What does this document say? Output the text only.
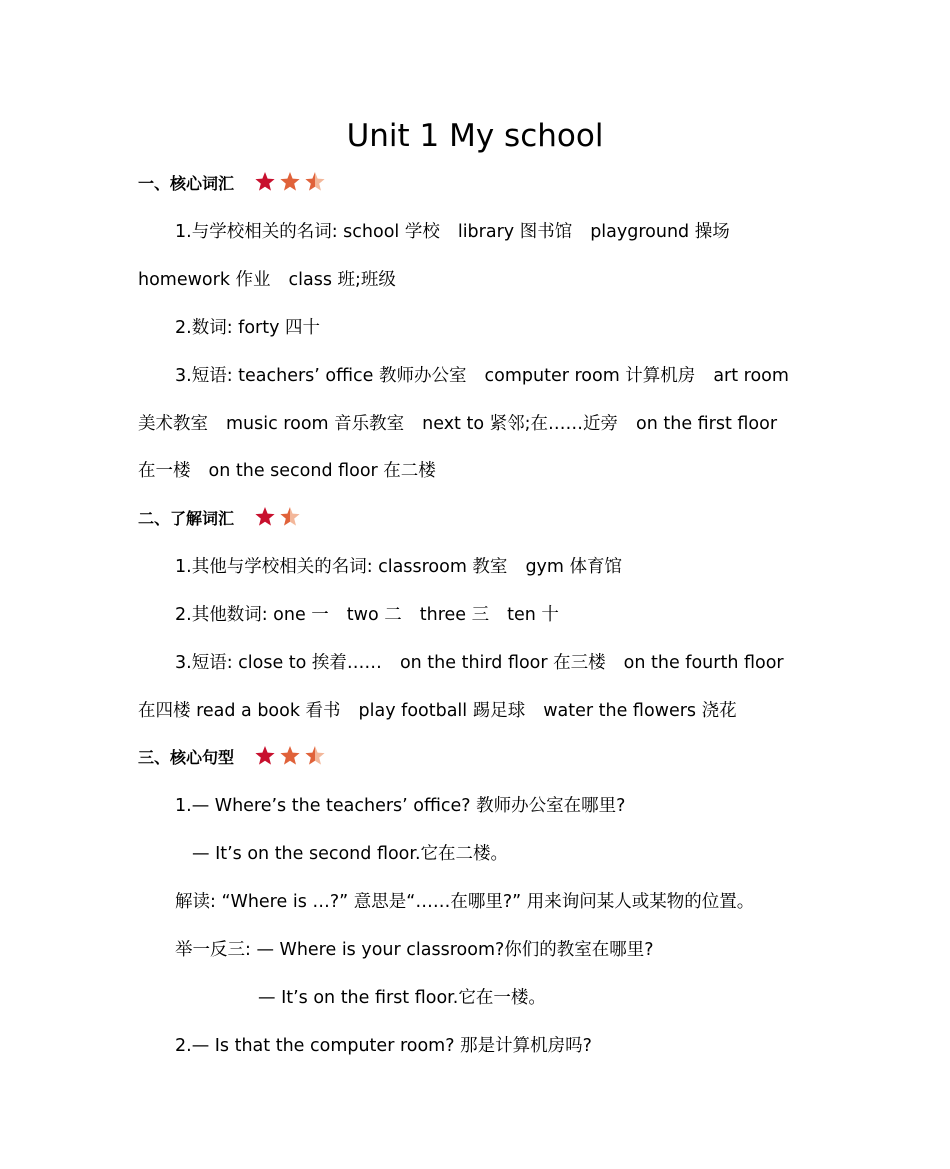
Unit 1 My school
一、核心词汇
1.与学校相关的名词: school 学校 library 图书馆 playground 操场
homework 作业 class 班;班级
2.数词: forty 四十
3.短语: teachers’ office 教师办公室 computer room 计算机房 art room
美术教室 music room 音乐教室 next to 紧邻;在……近旁 on the first floor
在一楼 on the second floor 在二楼
二、了解词汇
1.其他与学校相关的名词: classroom 教室 gym 体育馆
2.其他数词: one 一 two 二 three 三 ten 十
3.短语: close to 挨着…… on the third floor 在三楼 on the fourth floor
在四楼 read a book 看书 play football 踢足球 water the flowers 浇花
三、核心句型
1.— Where’s the teachers’ office? 教师办公室在哪里?
— It’s on the second floor.它在二楼。
解读: “Where is …?” 意思是“……在哪里?” 用来询问某人或某物的位置。
举一反三: — Where is your classroom?你们的教室在哪里?
— It’s on the first floor.它在一楼。
2.— Is that the computer room? 那是计算机房吗?
